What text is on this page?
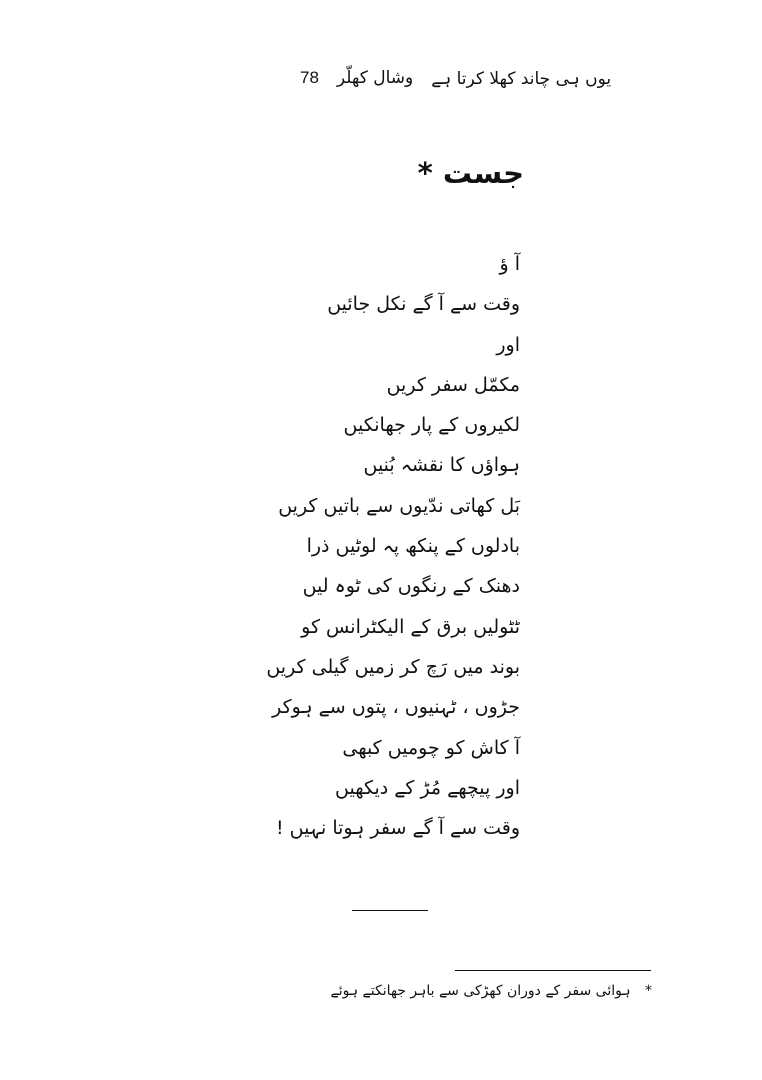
78 وشال کھلّر یوں ہی چاند کھلا کرتا ہے
جست *
آ ؤ
وقت سے آ گے نکل جائیں
اور
مکمّل سفر کریں
لکیروں کے پار جھانکیں
ہواؤں کا نقشہ بُنیں
بَل کھاتی ندّیوں سے باتیں کریں
بادلوں کے پنکھ پہ لوٹیں ذرا
دھنک کے رنگوں کی ٹوہ لیں
ٹٹولیں برق کے الیکٹرانس کو
بوند میں رَچ کر زمیں گیلی کریں
جڑوں ، ٹہنیوں ، پتوں سے ہوکر
آ کاش کو چومیں کبھی
اور پیچھے مُڑ کے دیکھیں
وقت سے آ گے سفر ہوتا نہیں !
* ہوائی سفر کے دوران کھڑکی سے باہر جھانکتے ہوئے
